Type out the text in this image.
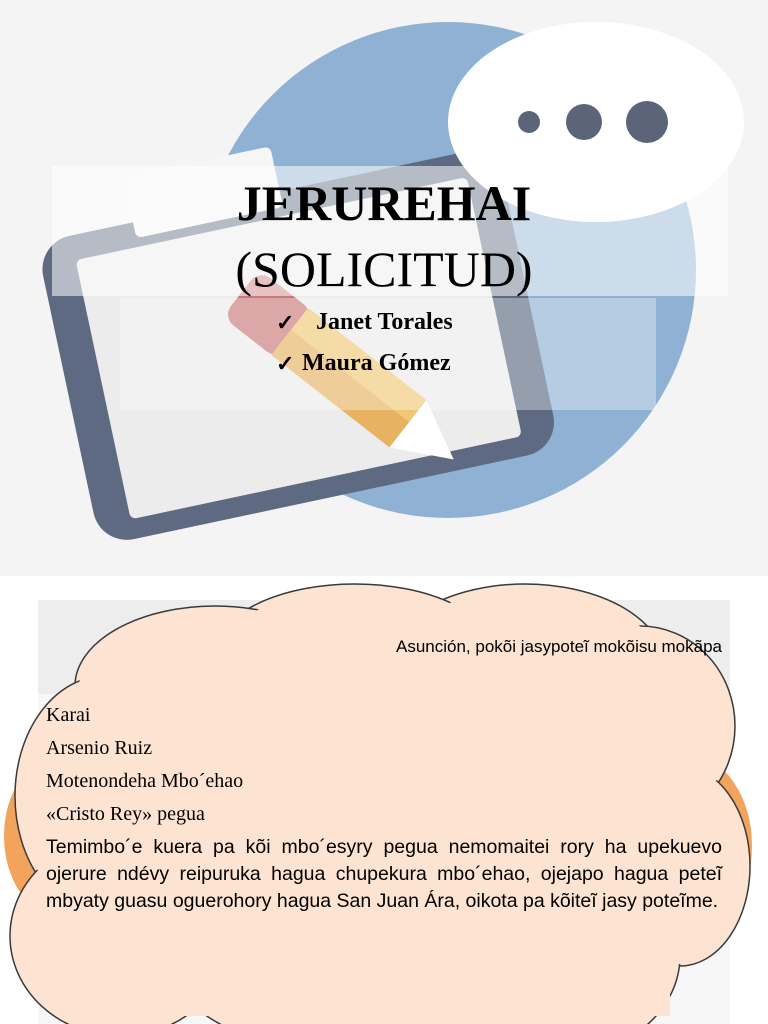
JERUREHAI
(SOLICITUD)
✓ Janet Torales
✓ Maura Gómez
Asunción, pokõi jasypoteĩ mokõisu mokãpa
Karai
Arsenio Ruiz
Motenondeha Mbo´ehao
«Cristo Rey» pegua
Temimbo´e kuera pa kõi mbo´esyry pegua nemomaitei rory ha upekuevo ojerure ndévy reipuruka hagua chupekura mbo´ehao, ojejapo hagua peteĩ mbyaty guasu oguerohory hagua San Juan Ára, oikota pa kõiteĩ jasy poteĩme.
